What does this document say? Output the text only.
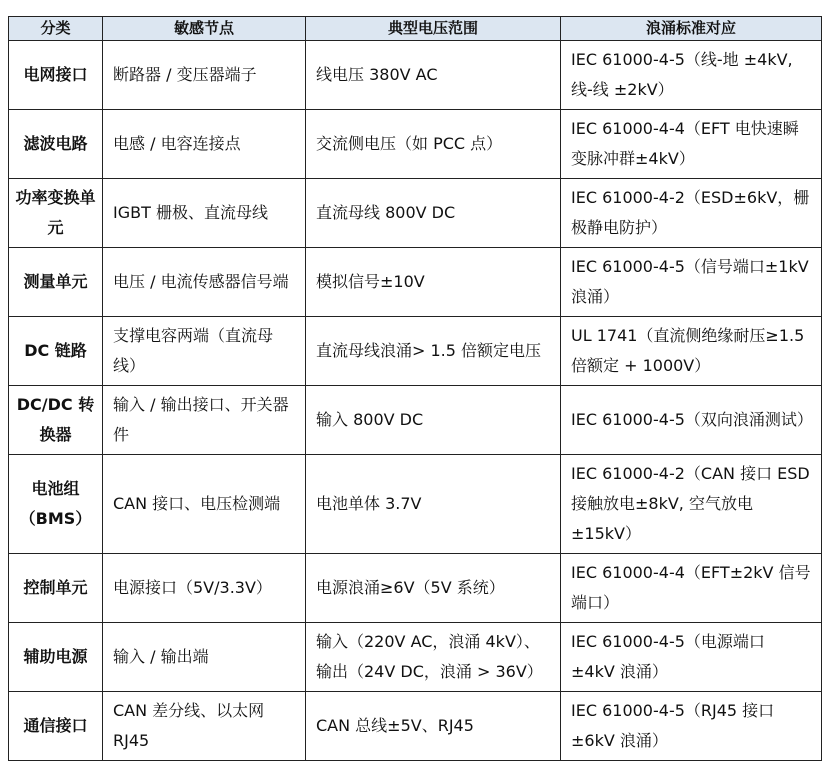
分类	敏感节点	典型电压范围	浪涌标准对应
电网接口	断路器 / 变压器端子	线电压 380V AC	IEC 61000-4-5（线-地 ±4kV,线-线 ±2kV）
滤波电路	电感 / 电容连接点	交流侧电压（如 PCC 点）	IEC 61000-4-4（EFT 电快速瞬变脉冲群±4kV）
功率变换单元	IGBT 栅极、直流母线	直流母线 800V DC	IEC 61000-4-2（ESD±6kV，栅极静电防护）
测量单元	电压 / 电流传感器信号端	模拟信号±10V	IEC 61000-4-5（信号端口±1kV 浪涌）
DC 链路	支撑电容两端（直流母线）	直流母线浪涌> 1.5 倍额定电压	UL 1741（直流侧绝缘耐压≥1.5 倍额定 + 1000V）
DC/DC 转换器	输入 / 输出接口、开关器件	输入 800V DC	IEC 61000-4-5（双向浪涌测试）
电池组（BMS）	CAN 接口、电压检测端	电池单体 3.7V	IEC 61000-4-2（CAN 接口 ESD 接触放电±8kV, 空气放电±15kV）
控制单元	电源接口（5V/3.3V）	电源浪涌≥6V（5V 系统）	IEC 61000-4-4（EFT±2kV 信号端口）
辅助电源	输入 / 输出端	输入（220V AC，浪涌 4kV）、输出（24V DC，浪涌 > 36V）	IEC 61000-4-5（电源端口 ±4kV 浪涌）
通信接口	CAN 差分线、以太网 RJ45	CAN 总线±5V、RJ45	IEC 61000-4-5（RJ45 接口 ±6kV 浪涌）
